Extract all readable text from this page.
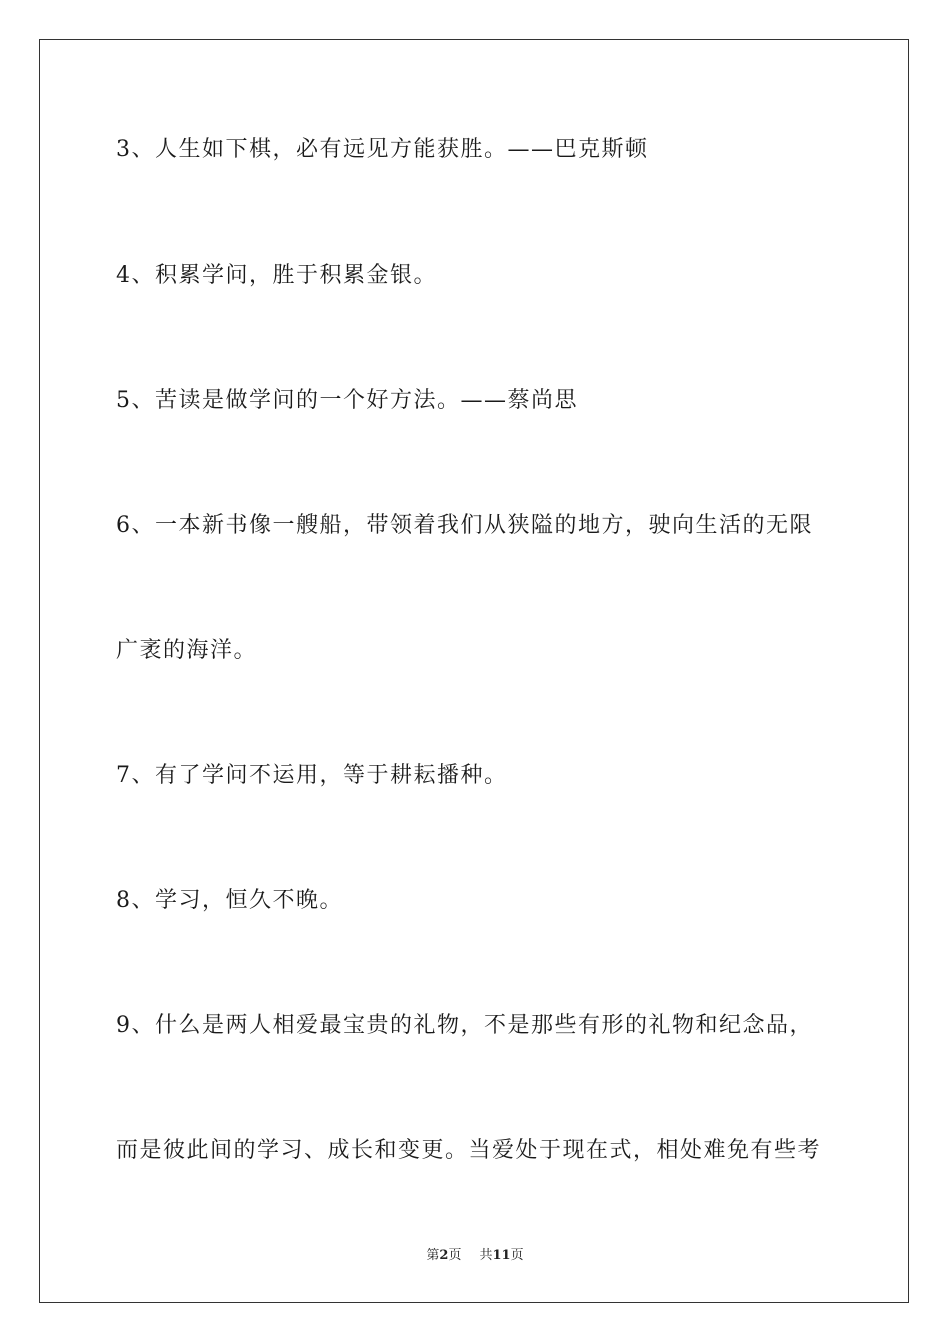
3、人生如下棋，必有远见方能获胜。——巴克斯顿
4、积累学问，胜于积累金银。
5、苦读是做学问的一个好方法。——蔡尚思
6、一本新书像一艘船，带领着我们从狭隘的地方，驶向生活的无限
广袤的海洋。
7、有了学问不运用，等于耕耘播种。
8、学习，恒久不晚。
9、什么是两人相爱最宝贵的礼物，不是那些有形的礼物和纪念品，
而是彼此间的学习、成长和变更。当爱处于现在式，相处难免有些考
第2页 共11页
